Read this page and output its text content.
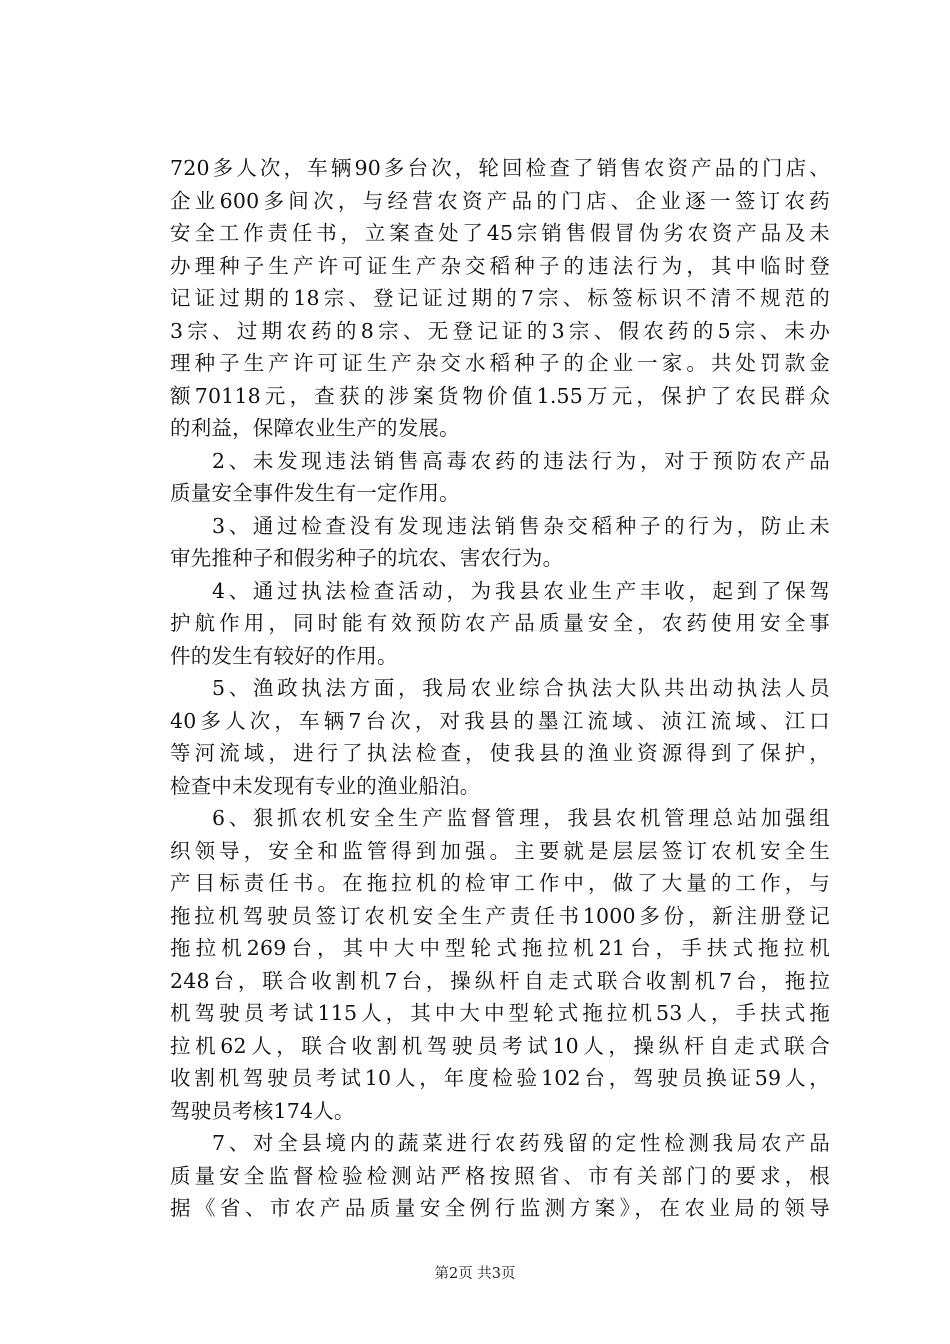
720多人次，车辆90多台次，轮回检查了销售农资产品的门店、
企业600多间次，与经营农资产品的门店、企业逐一签订农药
安全工作责任书，立案查处了45宗销售假冒伪劣农资产品及未
办理种子生产许可证生产杂交稻种子的违法行为，其中临时登
记证过期的18宗、登记证过期的7宗、标签标识不清不规范的
3宗、过期农药的8宗、无登记证的3宗、假农药的5宗、未办
理种子生产许可证生产杂交水稻种子的企业一家。共处罚款金
额70118元，查获的涉案货物价值1.55万元，保护了农民群众
的利益，保障农业生产的发展。
2、未发现违法销售高毒农药的违法行为，对于预防农产品
质量安全事件发生有一定作用。
3、通过检查没有发现违法销售杂交稻种子的行为，防止未
审先推种子和假劣种子的坑农、害农行为。
4、通过执法检查活动，为我县农业生产丰收，起到了保驾
护航作用，同时能有效预防农产品质量安全，农药使用安全事
件的发生有较好的作用。
5、渔政执法方面，我局农业综合执法大队共出动执法人员
40多人次，车辆7台次，对我县的墨江流域、浈江流域、江口
等河流域，进行了执法检查，使我县的渔业资源得到了保护，
检查中未发现有专业的渔业船泊。
6、狠抓农机安全生产监督管理，我县农机管理总站加强组
织领导，安全和监管得到加强。主要就是层层签订农机安全生
产目标责任书。在拖拉机的检审工作中，做了大量的工作，与
拖拉机驾驶员签订农机安全生产责任书1000多份，新注册登记
拖拉机269台，其中大中型轮式拖拉机21台，手扶式拖拉机
248台，联合收割机7台，操纵杆自走式联合收割机7台，拖拉
机驾驶员考试115人，其中大中型轮式拖拉机53人，手扶式拖
拉机62人，联合收割机驾驶员考试10人，操纵杆自走式联合
收割机驾驶员考试10人，年度检验102台，驾驶员换证59人，
驾驶员考核174人。
7、对全县境内的蔬菜进行农药残留的定性检测我局农产品
质量安全监督检验检测站严格按照省、市有关部门的要求，根
据《省、市农产品质量安全例行监测方案》，在农业局的领导
第2页 共3页
